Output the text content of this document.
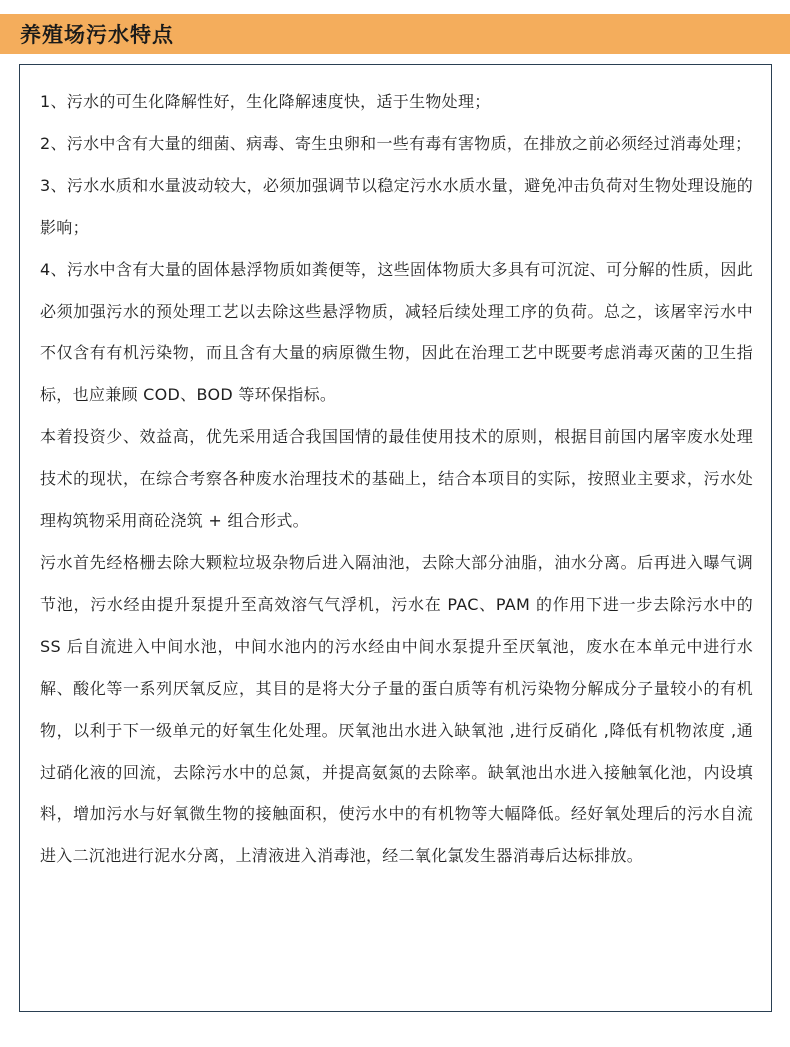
养殖场污水特点

1、污水的可生化降解性好，生化降解速度快，适于生物处理；

2、污水中含有大量的细菌、病毒、寄生虫卵和一些有毒有害物质，在排放之前必须经过消毒处理；

3、污水水质和水量波动较大，必须加强调节以稳定污水水质水量，避免冲击负荷对生物处理设施的影响；

4、污水中含有大量的固体悬浮物质如粪便等，这些固体物质大多具有可沉淀、可分解的性质，因此必须加强污水的预处理工艺以去除这些悬浮物质，减轻后续处理工序的负荷。总之，该屠宰污水中不仅含有有机污染物，而且含有大量的病原微生物，因此在治理工艺中既要考虑消毒灭菌的卫生指标，也应兼顾 COD、BOD 等环保指标。

本着投资少、效益高，优先采用适合我国国情的最佳使用技术的原则，根据目前国内屠宰废水处理技术的现状，在综合考察各种废水治理技术的基础上，结合本项目的实际，按照业主要求，污水处理构筑物采用商砼浇筑 + 组合形式。

污水首先经格栅去除大颗粒垃圾杂物后进入隔油池，去除大部分油脂，油水分离。后再进入曝气调节池，污水经由提升泵提升至高效溶气气浮机，污水在 PAC、PAM 的作用下进一步去除污水中的 SS 后自流进入中间水池，中间水池内的污水经由中间水泵提升至厌氧池，废水在本单元中进行水解、酸化等一系列厌氧反应，其目的是将大分子量的蛋白质等有机污染物分解成分子量较小的有机物，以利于下一级单元的好氧生化处理。厌氧池出水进入缺氧池 ,进行反硝化 ,降低有机物浓度 ,通过硝化液的回流，去除污水中的总氮，并提高氨氮的去除率。缺氧池出水进入接触氧化池，内设填料，增加污水与好氧微生物的接触面积，使污水中的有机物等大幅降低。经好氧处理后的污水自流进入二沉池进行泥水分离，上清液进入消毒池，经二氧化氯发生器消毒后达标排放。
